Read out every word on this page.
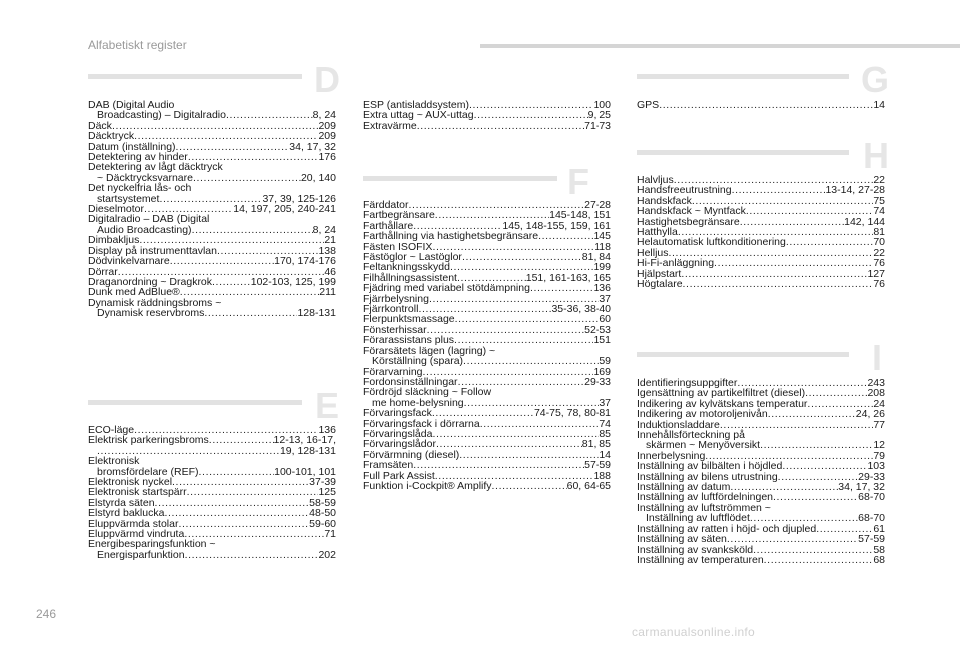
Alfabetiskt register
D
DAB (Digital Audio
Broadcasting) – Digitalradio .....	8, 24
Däck .....	209
Däcktryck .....	209
Datum (inställning) .....	34, 17, 32
Detektering av hinder .....	176
Detektering av lågt däcktryck
~ Däcktrycksvarnare .....	20, 140
Det nyckelfria lås- och
startsystemet .....	37, 39, 125-126
Dieselmotor .....	14, 197, 205, 240-241
Digitalradio – DAB (Digital
Audio Broadcasting) .....	8, 24
Dimbakljus .....	21
Display på instrumenttavlan .....	138
Dödvinkelvarnare .....	170, 174-176
Dörrar .....	46
Draganordning ~ Dragkrok .....	102-103, 125, 199
Dunk med AdBlue® .....	211
Dynamisk räddningsbroms ~
Dynamisk reservbroms .....	128-131
E
ECO-läge .....	136
Elektrisk parkeringsbroms .....	12-13, 16-17,
.....
19, 128-131
Elektronisk
bromsfördelare (REF) .....	100-101, 101
Elektronisk nyckel .....	37-39
Elektronisk startspärr .....	125
Elstyrda säten .....	58-59
Elstyrd baklucka .....	48-50
Eluppvärmda stolar .....	59-60
Eluppvärmd vindruta .....	71
Energibesparingsfunktion ~
Energisparfunktion .....	202
ESP (antisladdsystem) .....	100
Extra uttag ~ AUX-uttag .....	9, 25
Extravärme .....	71-73
F
Färddator .....	27-28
Fartbegränsare .....	145-148, 151
Farthållare .....	145, 148-155, 159, 161
Farthållning via hastighetsbegränsare .....	145
Fästen ISOFIX .....	118
Fästöglor ~ Lastöglor .....	81, 84
Feltankningsskydd .....	199
Filhållningsassistent .....	151, 161-163, 165
Fjädring med variabel stötdämpning .....	136
Fjärrbelysning .....	37
Fjärrkontroll .....	35-36, 38-40
Flerpunktsmassage .....	60
Fönsterhissar .....	52-53
Förarassistans plus .....	151
Förarsätets lägen (lagring) ~
Körställning (spara) .....	59
Förarvarning .....	169
Fordonsinställningar .....	29-33
Fördröjd släckning ~ Follow
me home-belysning .....	37
Förvaringsfack .....	74-75, 78, 80-81
Förvaringsfack i dörrarna .....	74
Förvaringslåda .....	85
Förvaringslådor .....	81, 85
Förvärmning (diesel) .....	14
Framsäten .....	57-59
Full Park Assist .....	188
Funktion i-Cockpit® Amplify .....	60, 64-65
GPS .....	14
G
H
Halvljus .....	22
Handsfreeutrustning .....	13-14, 27-28
Handskfack .....	75
Handskfack ~ Myntfack .....	74
Hastighetsbegränsare .....	142, 144
Hatthylla .....	81
Helautomatisk luftkonditionering .....	70
Helljus .....	22
Hi-Fi-anläggning .....	76
Hjälpstart .....	127
Högtalare .....	76
I
Identifieringsuppgifter .....	243
Igensättning av partikelfiltret (diesel) .....	208
Indikering av kylvätskans temperatur .....	24
Indikering av motoroljenivån .....	24, 26
Induktionsladdare .....	77
Innehållsförteckning på
skärmen ~ Menyöversikt .....	12
Innerbelysning .....	79
Inställning av bilbälten i höjdled .....	103
Inställning av bilens utrustning .....	29-33
Inställning av datum .....	34, 17, 32
Inställning av luftfördelningen .....	68-70
Inställning av luftströmmen ~
Inställning av luftflödet .....	68-70
Inställning av ratten i höjd- och djupled .....	61
Inställning av säten .....	57-59
Inställning av svanksköld .....	58
Inställning av temperaturen .....	68
246
carmanualsonline.info
